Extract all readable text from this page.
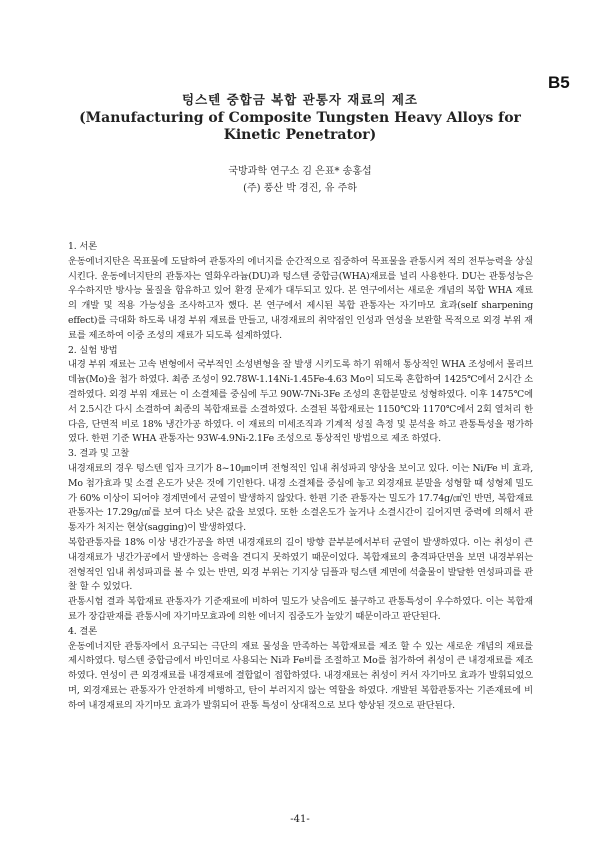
B5
텅스텐 중합금 복합 관통자 재료의 제조
(Manufacturing of Composite Tungsten Heavy Alloys for
Kinetic Penetrator)
국방과학 연구소 김 은표* 송홍섭
(주) 풍산 박 경진, 유 주하

1. 서론

운동에너지탄은 목표물에 도달하여 관통자의 에너지를 순간적으로 집중하여 목표물을 관통시켜 적의 전투능력을 상실시킨다. 운동에너지탄의 관통자는 열화우라늄(DU)과 텅스텐 중합금(WHA)재료를 널리 사용한다. DU는 관통성능은 우수하지만 방사능 물질을 함유하고 있어 환경 문제가 대두되고 있다. 본 연구에서는 새로운 개념의 복합 WHA 재료의 개발 및 적용 가능성을 조사하고자 했다. 본 연구에서 제시된 복합 관통자는 자기마모 효과(self sharpening effect)를 극대화 하도록 내경 부위 재료를 만들고, 내경재료의 취약점인 인성과 연성을 보완할 목적으로 외경 부위 재료를 제조하여 이중 조성의 재료가 되도록 설계하였다.

2. 실험 방법

내경 부위 재료는 고속 변형에서 국부적인 소성변형을 잘 발생 시키도록 하기 위해서 통상적인 WHA 조성에서 몰리브데늄(Mo)을 첨가 하였다. 최종 조성이 92.78W-1.14Ni-1.45Fe-4.63 Mo이 되도록 혼합하여 1425℃에서 2시간 소결하였다. 외경 부위 재료는 이 소결체를 중심에 두고 90W-7Ni-3Fe 조성의 혼합분말로 성형하였다. 이후 1475℃에서 2.5시간 다시 소결하여 최종의 복합재료를 소결하였다. 소결된 복합재료는 1150℃와 1170℃에서 2회 열처리 한다음, 단면적 비로 18% 냉간가공 하였다. 이 재료의 미세조직과 기계적 성질 측정 및 분석을 하고 관통특성을 평가하였다. 한편 기준 WHA 관통자는 93W-4.9Ni-2.1Fe 조성으로 통상적인 방법으로 제조 하였다.

3. 결과 및 고찰

내경재료의 경우 텅스텐 입자 크기가 8~10㎛이며 전형적인 입내 취성파괴 양상을 보이고 있다. 이는 Ni/Fe 비 효과, Mo 첨가효과 및 소결 온도가 낮은 것에 기인한다. 내경 소결체를 중심에 놓고 외경재료 분말을 성형할 때 성형체 밀도가 60% 이상이 되어야 경계면에서 균열이 발생하지 않았다. 한편 기준 관통자는 밀도가 17.74g/㎤인 반면, 복합재료 관통자는 17.29g/㎤를 보여 다소 낮은 값을 보였다. 또한 소결온도가 높거나 소결시간이 길어지면 중력에 의해서 관통자가 처지는 현상(sagging)이 발생하였다.

복합관통자를 18% 이상 냉간가공을 하면 내경재료의 길이 방향 끝부분에서부터 균열이 발생하였다. 이는 취성이 큰 내경재료가 냉간가공에서 발생하는 응력을 견디지 못하였기 때문이었다. 복합재료의 충격파단면을 보면 내경부위는 전형적인 입내 취성파괴를 볼 수 있는 반면, 외경 부위는 기지상 딤플과 텅스텐 계면에 석출물이 발달한 연성파괴를 관찰 할 수 있었다.

관통시험 결과 복합재료 관통자가 기준재료에 비하여 밀도가 낮음에도 불구하고 관통특성이 우수하였다. 이는 복합재료가 장갑판재를 관통시에 자기마모효과에 의한 에너지 집중도가 높았기 때문이라고 판단된다.

4. 결론

운동에너지탄 관통자에서 요구되는 극단의 재료 물성을 만족하는 복합재료를 제조 할 수 있는 새로운 개념의 재료를 제시하였다. 텅스텐 중합금에서 바인더로 사용되는 Ni과 Fe비를 조절하고 Mo를 첨가하여 취성이 큰 내경재료를 제조하였다. 연성이 큰 외경재료를 내경재료에 결합없이 접합하였다. 내경재료는 취성이 커서 자기마모 효과가 발휘되었으며, 외경재료는 관통자가 안전하게 비행하고, 탄이 부러지지 않는 역할을 하였다. 개발된 복합관통자는 기존재료에 비하여 내경재료의 자기마모 효과가 발휘되어 관통 특성이 상대적으로 보다 향상된 것으로 판단된다.

-41-
